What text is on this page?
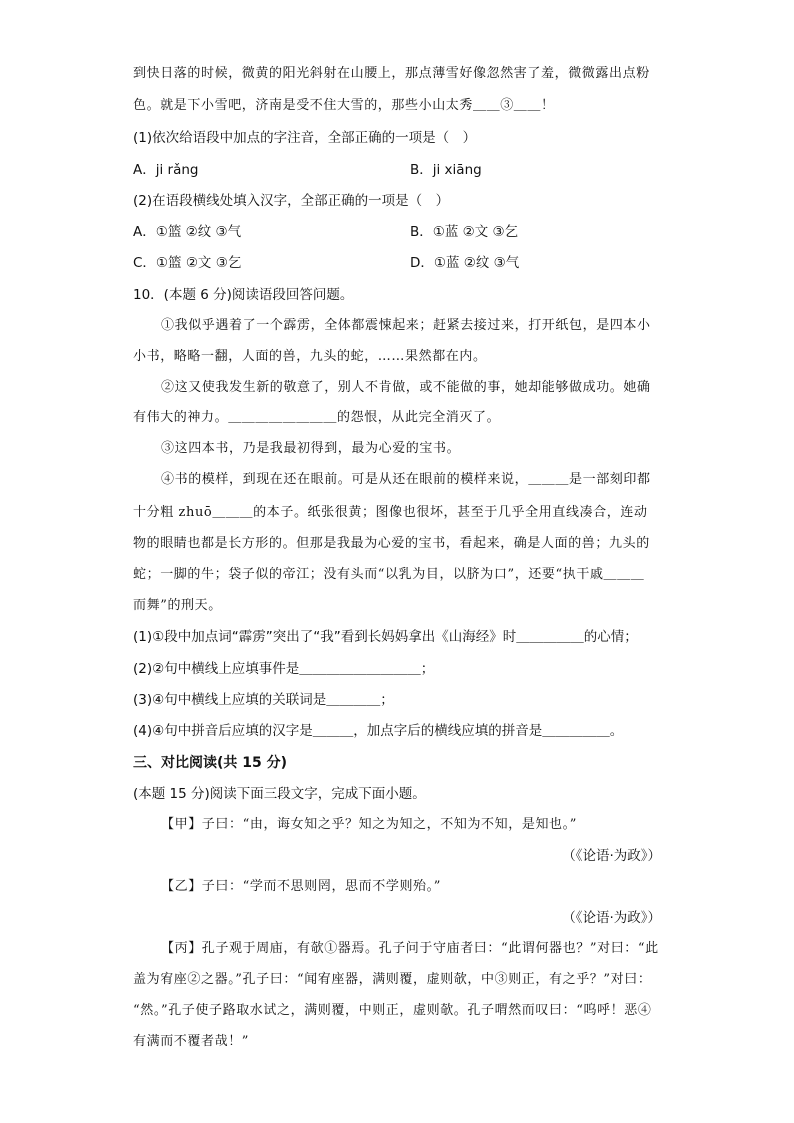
到快日落的时候，微黄的阳光斜射在山腰上，那点薄雪好像忽然害了羞，微微露出点粉
色。就是下小雪吧，济南是受不住大雪的，那些小山太秀＿＿③＿＿！
(1)依次给语段中加点的字注音，全部正确的一项是（　）
A．ji rǎng	B．ji xiāng
(2)在语段横线处填入汉字，全部正确的一项是（　）
A．①篮 ②纹 ③气	B．①蓝 ②文 ③乞
C．①篮 ②文 ③乞	D．①蓝 ②纹 ③气
10．(本题 6 分)阅读语段回答问题。
①我似乎遇着了一个霹雳，全体都震悚起来；赶紧去接过来，打开纸包，是四本小
小书，略略一翻，人面的兽，九头的蛇，……果然都在内。
②这又使我发生新的敬意了，别人不肯做，或不能做的事，她却能够做成功。她确
有伟大的神力。＿＿＿＿＿＿＿＿的怨恨，从此完全消灭了。
③这四本书，乃是我最初得到，最为心爱的宝书。
④书的模样，到现在还在眼前。可是从还在眼前的模样来说，＿＿＿是一部刻印都
十分粗 zhuō＿＿＿的本子。纸张很黄；图像也很坏，甚至于几乎全用直线凑合，连动
物的眼睛也都是长方形的。但那是我最为心爱的宝书，看起来，确是人面的兽；九头的
蛇；一脚的牛；袋子似的帝江；没有头而“以乳为目，以脐为口”，还要“执干戚＿＿＿
而舞”的刑天。
(1)①段中加点词“霹雳”突出了“我”看到长妈妈拿出《山海经》时＿＿＿＿＿的心情；
(2)②句中横线上应填事件是＿＿＿＿＿＿＿＿＿；
(3)④句中横线上应填的关联词是＿＿＿＿；
(4)④句中拼音后应填的汉字是＿＿＿，加点字后的横线应填的拼音是＿＿＿＿＿。
三、对比阅读(共 15 分)
(本题 15 分)阅读下面三段文字，完成下面小题。
【甲】子曰：“由，诲女知之乎？知之为知之，不知为不知，是知也。”
（《论语·为政》）
【乙】子曰：“学而不思则罔，思而不学则殆。”
（《论语·为政》）
【丙】孔子观于周庙，有欹①器焉。孔子问于守庙者曰：“此谓何器也？”对曰：“此
盖为宥座②之器。”孔子曰：“闻宥座器，满则覆，虚则欹，中③则正，有之乎？”对曰：
“然。”孔子使子路取水试之，满则覆，中则正，虚则欹。孔子喟然而叹曰：“呜呼！恶④
有满而不覆者哉！”
